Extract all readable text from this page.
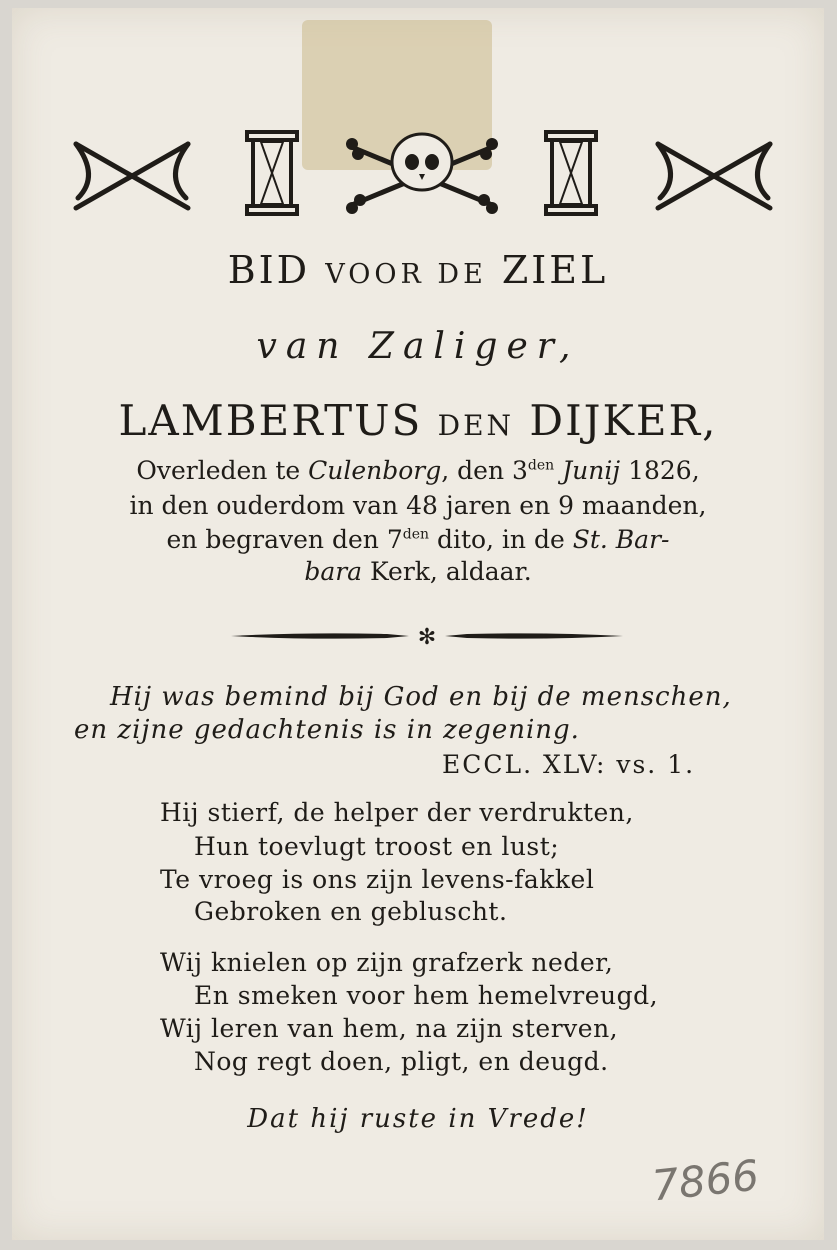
BID VOOR DE ZIEL
van Zaliger,
LAMBERTUS DEN DIJKER,
Overleden te Culenborg, den $3^{den}$ Junij 1826,
in den ouderdom van 48 jaren en 9 maanden,
en begraven den $7^{den}$ dito, in de St. Bar-
bara Kerk, aldaar.
✻
Hij was bemind bij God en bij de menschen,
en zijne gedachtenis is in zegening.
ECCL. XLV: vs. 1.
Hij stierf, de helper der verdrukten,
Hun toevlugt troost en lust;
Te vroeg is ons zijn levens-fakkel
Gebroken en gebluscht.
Wij knielen op zijn grafzerk neder,
En smeken voor hem hemelvreugd,
Wij leren van hem, na zijn sterven,
Nog regt doen, pligt, en deugd.
Dat hij ruste in Vrede!
7866
